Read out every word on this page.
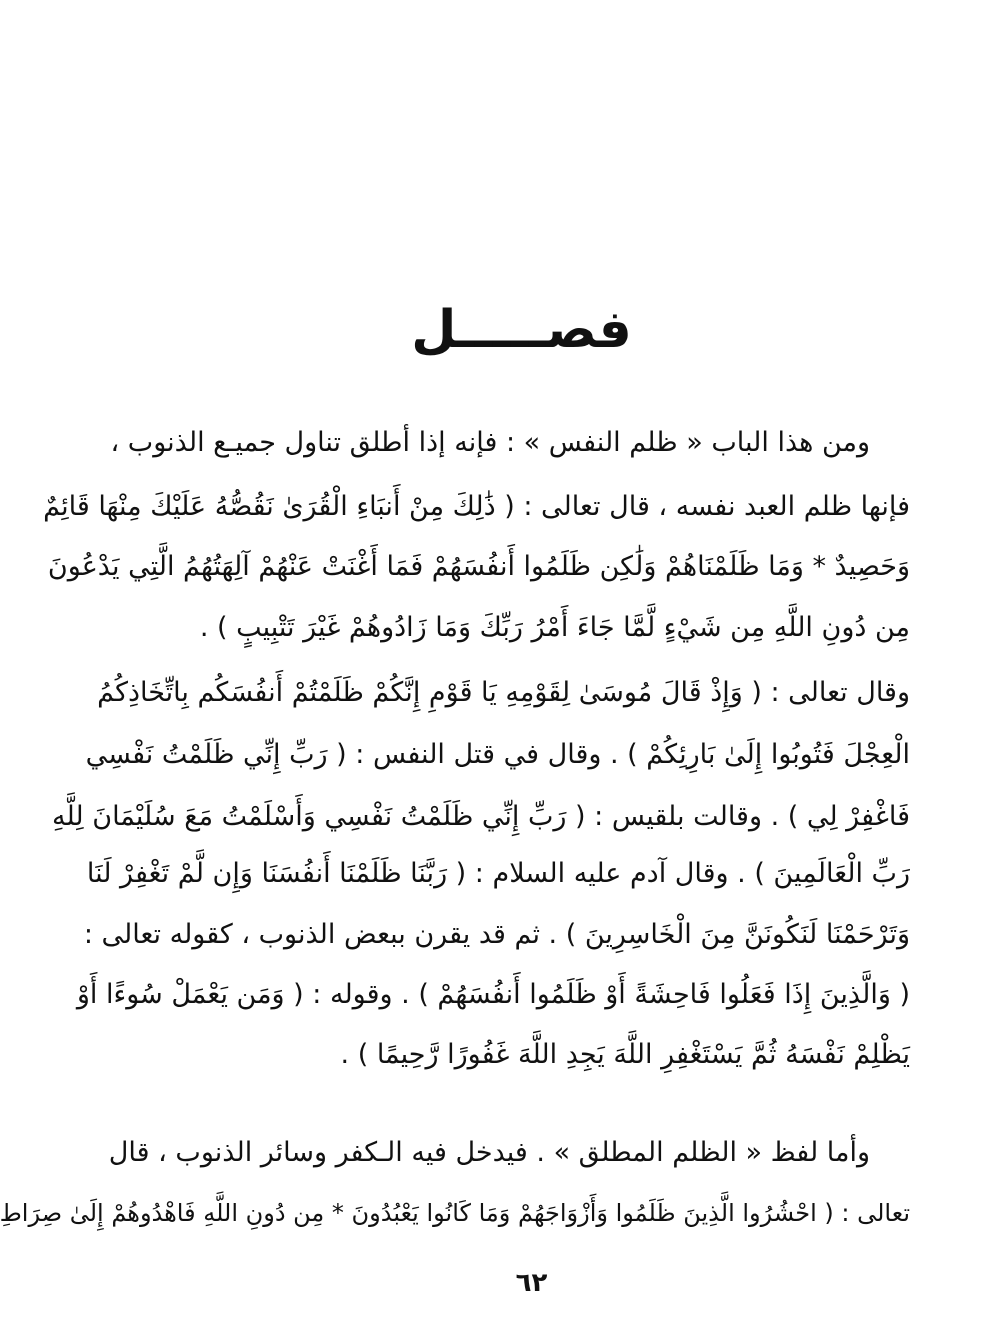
فصـــــل
ومن هذا الباب « ظلم النفس » : فإنه إذا أطلق تناول جميـع الذنوب ،
فإنها ظلم العبد نفسه ، قال تعالى : ( ذَٰلِكَ مِنْ أَنبَاءِ الْقُرَىٰ نَقُصُّهُ عَلَيْكَ مِنْهَا قَائِمٌ
وَحَصِيدٌ * وَمَا ظَلَمْنَاهُمْ وَلَٰكِن ظَلَمُوا أَنفُسَهُمْ فَمَا أَغْنَتْ عَنْهُمْ آلِهَتُهُمُ الَّتِي يَدْعُونَ
مِن دُونِ اللَّهِ مِن شَيْءٍ لَّمَّا جَاءَ أَمْرُ رَبِّكَ وَمَا زَادُوهُمْ غَيْرَ تَتْبِيبٍ ) .
وقال تعالى : ( وَإِذْ قَالَ مُوسَىٰ لِقَوْمِهِ يَا قَوْمِ إِنَّكُمْ ظَلَمْتُمْ أَنفُسَكُم بِاتِّخَاذِكُمُ
الْعِجْلَ فَتُوبُوا إِلَىٰ بَارِئِكُمْ ) . وقال في قتل النفس : ( رَبِّ إِنِّي ظَلَمْتُ نَفْسِي
فَاغْفِرْ لِي ) . وقالت بلقيس : ( رَبِّ إِنِّي ظَلَمْتُ نَفْسِي وَأَسْلَمْتُ مَعَ سُلَيْمَانَ لِلَّهِ
رَبِّ الْعَالَمِينَ ) . وقال آدم عليه السلام : ( رَبَّنَا ظَلَمْنَا أَنفُسَنَا وَإِن لَّمْ تَغْفِرْ لَنَا
وَتَرْحَمْنَا لَنَكُونَنَّ مِنَ الْخَاسِرِينَ ) . ثم قد يقرن ببعض الذنوب ، كقوله تعالى :
( وَالَّذِينَ إِذَا فَعَلُوا فَاحِشَةً أَوْ ظَلَمُوا أَنفُسَهُمْ ) . وقوله : ( وَمَن يَعْمَلْ سُوءًا أَوْ
يَظْلِمْ نَفْسَهُ ثُمَّ يَسْتَغْفِرِ اللَّهَ يَجِدِ اللَّهَ غَفُورًا رَّحِيمًا ) .
وأما لفظ « الظلم المطلق » . فيدخل فيه الـكفر وسائر الذنوب ، قال
تعالى : ( احْشُرُوا الَّذِينَ ظَلَمُوا وَأَزْوَاجَهُمْ وَمَا كَانُوا يَعْبُدُونَ * مِن دُونِ اللَّهِ فَاهْدُوهُمْ إِلَىٰ صِرَاطِ
٦٢
